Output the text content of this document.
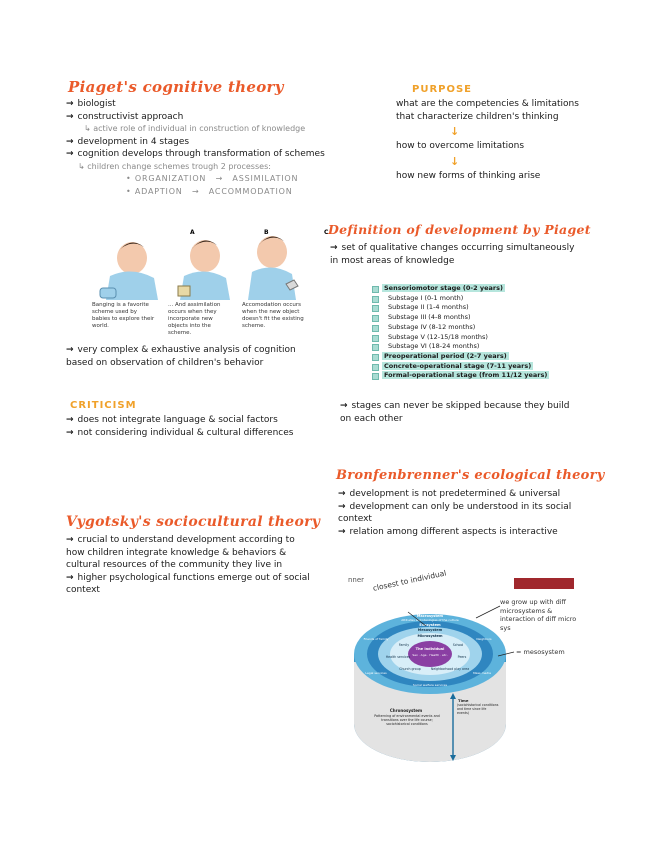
Piaget's cognitive theory
→ biologist
→ constructivist approach
↳ active role of individual in construction of knowledge
→ development in 4 stages
→ cognition develops through transformation of schemes
↳ children change schemes trough 2 processes:
• ORGANIZATION → ASSIMILATION
• ADAPTION → ACCOMMODATION
A	B	C
Banging is a favorite scheme used by babies to explore their world.
... And assimilation occurs when they incorporate new objects into the scheme.
Accomodation occurs when the new object doesn't fit the existing scheme.
→ very complex & exhaustive analysis of cognition based on observation of children's behavior
CRITICISM
→ does not integrate language & social factors
→ not considering individual & cultural differences
PURPOSE
what are the competencies & limitations that characterize children's thinking
↓
how to overcome limitations
↓
how new forms of thinking arise
Definition of development by Piaget
→ set of qualitative changes occurring simultaneously in most areas of knowledge
Sensoriomotor stage (0-2 years)
Substage I (0-1 month)
Substage II (1-4 months)
Substage III (4-8 months)
Substage IV (8-12 months)
Substage V (12-15/18 months)
Substage VI (18-24 months)
Preoperational period (2-7 years)
Concrete-operational stage (7-11 years)
Formal-operational stage (from 11/12 years)
→ stages can never be skipped because they build on each other
Vygotsky's sociocultural theory
→ crucial to understand development according to how children integrate knowledge & behaviors & cultural resources of the community they live in
→ higher psychological functions emerge out of social context
Bronfenbrenner's ecological theory
→ development is not predetermined & universal
→ development can only be understood in its social context
→ relation among different aspects is interactive
nner closest to individual
we grow up with diff microsystems & interaction of diff micro sys
= mesosystem
The individual
Sex · Age · Health · etc.
Macrosystem
Attitudes and ideologies of the culture
Exosystem
Mesosystem
Microsystem
Family	School
Health services	Peers
Church group	Neighborhood play area
Social welfare services
Legal services	Mass media
Friends of family	Neighbors
Chronosystem
Patterning of environmental events and transitions over the life course; sociohistorical conditions
Time
(sociohistorical conditions and time since life events)
